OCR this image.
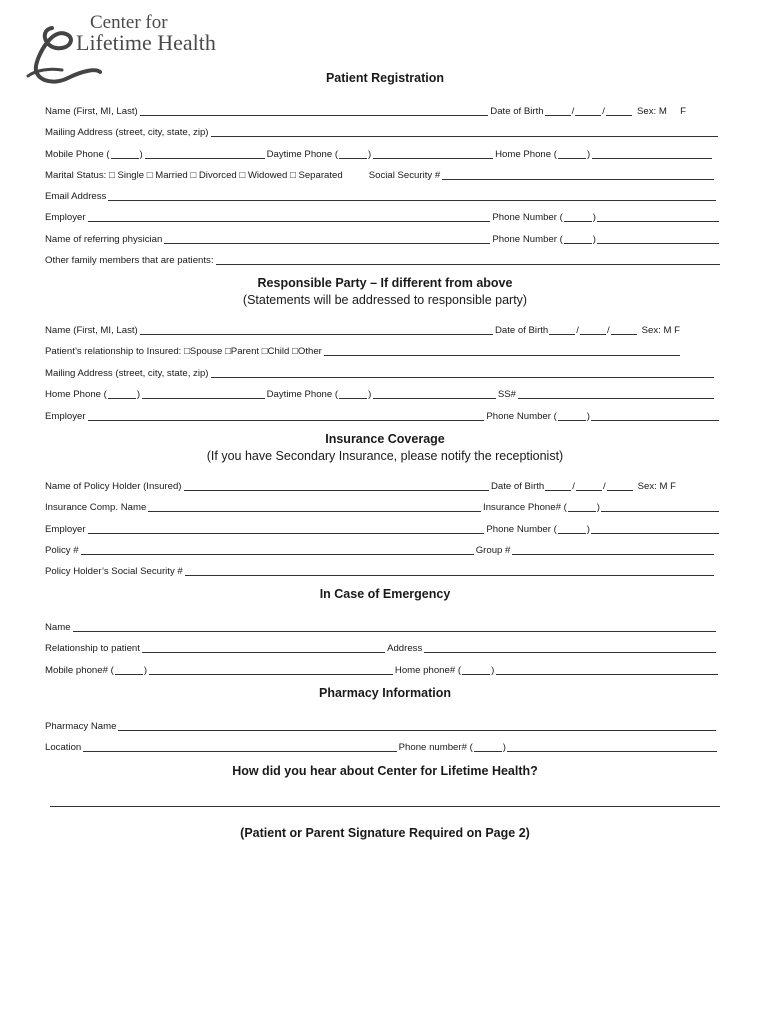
Center for
Lifetime Health
Patient Registration
Name (First, MI, Last)	Date of Birth	/	/	Sex: M     F
Mailing Address (street, city, state, zip)
Mobile Phone (	)	Daytime Phone (	)	Home Phone (	)
Marital Status: □ Single □ Married □ Divorced □ Widowed □ Separated	Social Security #
Email Address
Employer	Phone Number (	)
Name of referring physician	Phone Number (	)
Other family members that are patients:
Responsible Party – If different from above
(Statements will be addressed to responsible party)
Name (First, MI, Last)	Date of Birth	/	/	Sex: M F
Patient’s relationship to Insured: □Spouse □Parent □Child □Other
Mailing Address (street, city, state, zip)
Home Phone (	)	Daytime Phone (	)	SS#
Employer	Phone Number (	)
Insurance Coverage
(If you have Secondary Insurance, please notify the receptionist)
Name of Policy Holder (Insured)	Date of Birth	/	/	Sex: M F
Insurance Comp. Name	Insurance Phone# (	)
Employer	Phone Number (	)
Policy #	Group #
Policy Holder’s Social Security #
In Case of Emergency
Name
Relationship to patient	Address
Mobile phone# (	)	Home phone# (	)
Pharmacy Information
Pharmacy Name
Location	Phone number# (	)
How did you hear about Center for Lifetime Health?
(Patient or Parent Signature Required on Page 2)
